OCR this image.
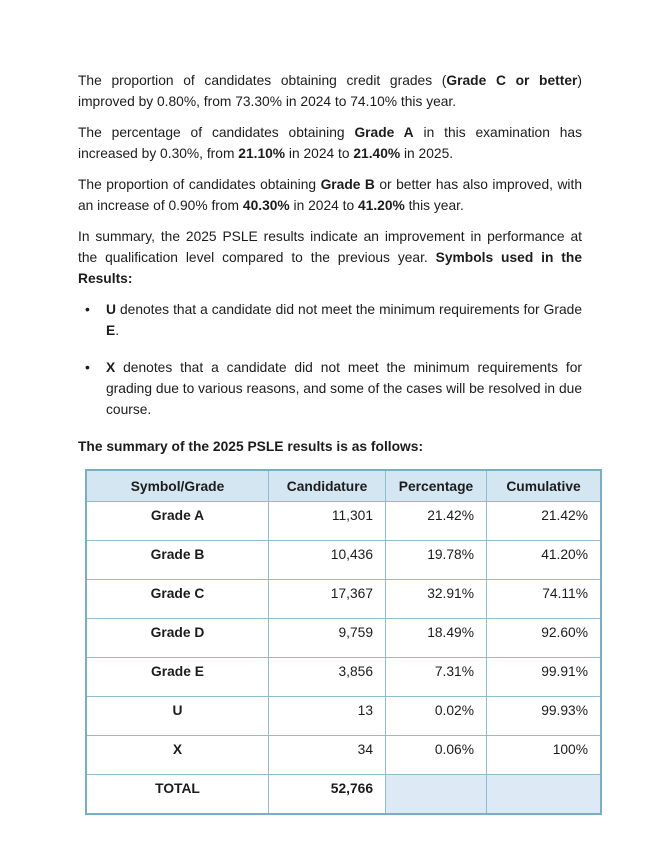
The proportion of candidates obtaining credit grades (Grade C or better) improved by 0.80%, from 73.30% in 2024 to 74.10% this year.

The percentage of candidates obtaining Grade A in this examination has increased by 0.30%, from 21.10% in 2024 to 21.40% in 2025.

The proportion of candidates obtaining Grade B or better has also improved, with an increase of 0.90% from 40.30% in 2024 to 41.20% this year.

In summary, the 2025 PSLE results indicate an improvement in performance at the qualification level compared to the previous year. Symbols used in the Results:

• U denotes that a candidate did not meet the minimum requirements for Grade E.
• X denotes that a candidate did not meet the minimum requirements for grading due to various reasons, and some of the cases will be resolved in due course.

The summary of the 2025 PSLE results is as follows:

Symbol/Grade	Candidature	Percentage	Cumulative
Grade A	11,301	21.42%	21.42%
Grade B	10,436	19.78%	41.20%
Grade C	17,367	32.91%	74.11%
Grade D	9,759	18.49%	92.60%
Grade E	3,856	7.31%	99.91%
U	13	0.02%	99.93%
X	34	0.06%	100%
TOTAL	52,766		
